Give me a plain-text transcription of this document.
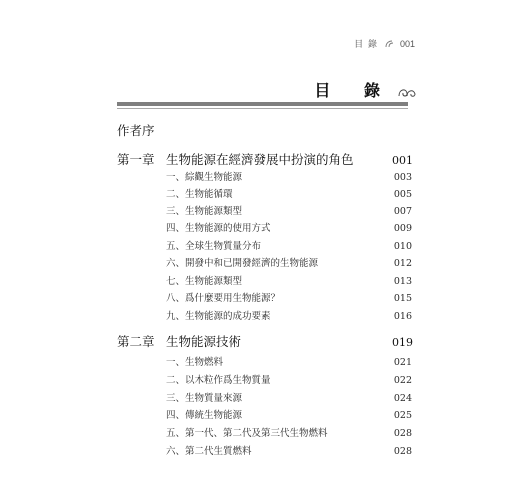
目 錄 001
目 錄
作者序
第一章 生物能源在經濟發展中扮演的角色	001
一、綜觀生物能源	003
二、生物能循環	005
三、生物能源類型	007
四、生物能源的使用方式	009
五、全球生物質量分布	010
六、開發中和已開發經濟的生物能源	012
七、生物能源類型	013
八、爲什麼要用生物能源？	015
九、生物能源的成功要素	016
第二章 生物能源技術	019
一、生物燃料	021
二、以木粒作爲生物質量	022
三、生物質量來源	024
四、傳統生物能源	025
五、第一代、第二代及第三代生物燃料	028
六、第二代生質燃料	028
